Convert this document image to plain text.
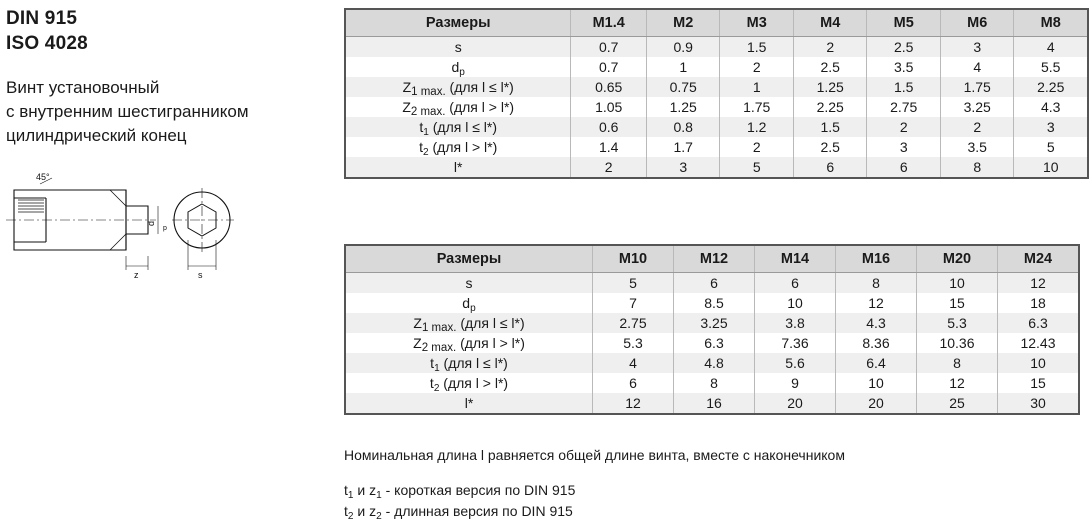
DIN 915
ISO 4028
Винт установочный
с внутренним шестигранником
цилиндрический конец
45°
z	s
d
p
Размеры	M1.4	M2	M3	M4	M5	M6	M8
s	0.7	0.9	1.5	2	2.5	3	4
$d_p$	0.7	1	2	2.5	3.5	4	5.5
$Z_{1 max.}$ (для l ≤ l*)	0.65	0.75	1	1.25	1.5	1.75	2.25
$Z_{2 max.}$ (для l > l*)	1.05	1.25	1.75	2.25	2.75	3.25	4.3
$t_1$ (для l ≤ l*)	0.6	0.8	1.2	1.5	2	2	3
$t_2$ (для l > l*)	1.4	1.7	2	2.5	3	3.5	5
l*	2	3	5	6	6	8	10
Размеры	M10	M12	M14	M16	M20	M24
s	5	6	6	8	10	12
$d_p$	7	8.5	10	12	15	18
$Z_{1 max.}$ (для l ≤ l*)	2.75	3.25	3.8	4.3	5.3	6.3
$Z_{2 max.}$ (для l > l*)	5.3	6.3	7.36	8.36	10.36	12.43
$t_1$ (для l ≤ l*)	4	4.8	5.6	6.4	8	10
$t_2$ (для l > l*)	6	8	9	10	12	15
l*	12	16	20	20	25	30
Номинальная длина l равняется общей длине винта, вместе с наконечником
$t_1$ и $z_1$ - короткая версия по DIN 915
$t_2$ и $z_2$ - длинная версия по DIN 915
